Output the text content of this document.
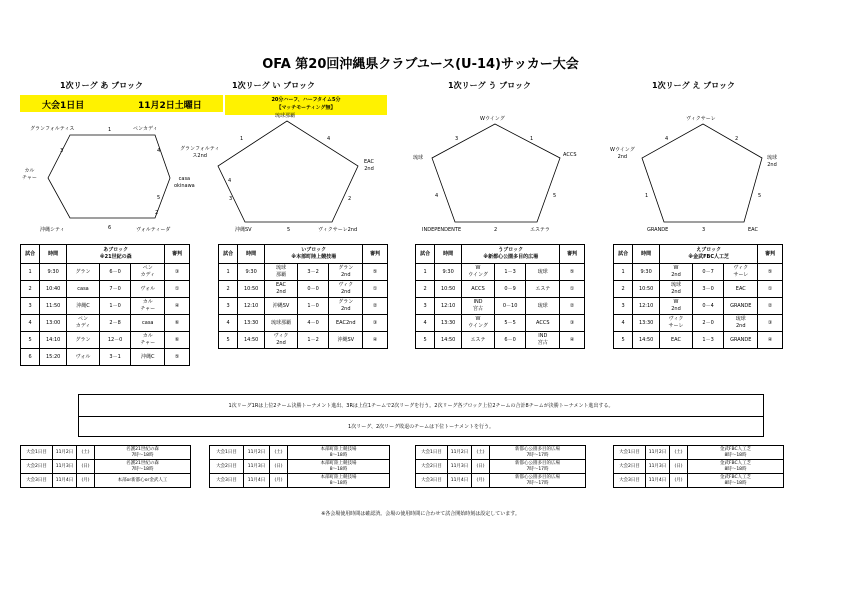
OFA 第20回沖縄県クラブユース(U-14)サッカー大会
1次リーグ あ ブロック	1次リーグ い ブロック	1次リーグ う ブロック	1次リーグ え ブロック
大会1日目	11月2日土曜日
20分ハーフ、ハーフタイム5分
【マッチモーティング無】
グランフォルティス	ペンカディ
casa
okinawa
ヴォルティーダ
沖縄シティ
カル
チャー
1
4
5
2
6
3
琉球那覇
EAC
2nd
ヴィクサーレ2nd
沖縄SV
グランフォルティ
ス2nd
1	4
2
5
3
4
Wウイング
ACCS
エステラ
INDEPENDENTE
琉球
3	1
5
2
4
ヴィクサーレ
琉球
2nd
EAC
GRANDE
Wウイング
2nd
4	2
5
3
1
試合	時間	あブロック
※21世紀の森			審判
1	9:30	グラン	6－0	ペン
カディ	③
2	10:40	casa	7－0	ヴォル	①
3	11:50	沖縄C	1－0	カル
チャー	④
4	13:00	ペン
カディ	2－8	casa	⑥
5	14:10	グラン	12－0	カル
チャー	⑥
6	15:20	ヴォル	3－1	沖縄C	⑤
試合	時間	いブロック
※本部町陸上競技場			審判
1	9:30	琉球
那覇	3－2	グラン
2nd	⑤
2	10:50	EAC
2nd	0－0	ヴィク
2nd	①
3	12:10	沖縄SV	1－0	グラン
2nd	②
4	13:30	琉球那覇	4－0	EAC2nd	③
5	14:50	ヴィク
2nd	1－2	沖縄SV	④
試合	時間	うブロック
※新都心公園多目的広場			審判
1	9:30	W
ウイング	1－3	琉球	⑤
2	10:50	ACCS	0－9	エステ	①
3	12:10	IND
宮古	0－10	琉球	②
4	13:30	W
ウイング	5－5	ACCS	③
5	14:50	エステ	6－0	IND
宮古	④
試合	時間	えブロック
※金武FBC人工芝			審判
1	9:30	W
2nd	0－7	ヴィク
サーレ	⑤
2	10:50	琉球
2nd	3－0	EAC	①
3	12:10	W
2nd	0－4	GRANDE	②
4	13:30	ヴィク
サーレ	2－0	琉球
2nd	③
5	14:50	EAC	1－3	GRANDE	④
1次リーグ1Rは上位2チーム決勝トーナメント進出、3Rは上位1チームで2次リーグを行う。2次リーグ各ブロック上位2チームの合計8チームが決勝トーナメント進出する。
1次リーグ、2次リーグ敗退のチームは下位トーナメントを行う。
大会1日目	11月2日	(土)	名護21世紀の森
7時～18時
大会2日目	11月3日	(日)	名護21世紀の森
7時～18時
大会3日目	11月4日	(月)	本部or新都心or金武人工
大会1日目	11月2日	(土)	本部町陸上競技場
8～18時
大会2日目	11月3日	(日)	本部町陸上競技場
8～18時
大会3日目	11月4日	(月)	本部町陸上競技場
8～18時
大会1日目	11月2日	(土)	新都心公園多目的広場
7時～17時
大会2日目	11月3日	(日)	新都心公園多目的広場
7時～17時
大会3日目	11月4日	(月)	新都心公園多目的広場
7時～17時
大会1日目	11月2日	(土)	金武FBC人工芝
8時～18時
大会2日目	11月3日	(日)	金武FBC人工芝
8時～18時
大会3日目	11月4日	(月)	金武FBC人工芝
8時～18時
※各会場使用時間は確認済。会場の使用時間に合わせて試合開始時刻は設定しています。
